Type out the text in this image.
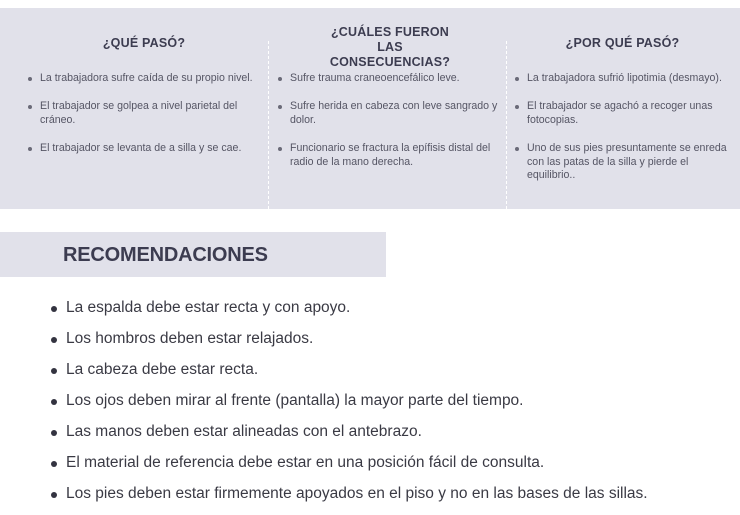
¿QUÉ PASÓ?
La trabajadora sufre caída de su propio nivel.
El trabajador se golpea a nivel parietal del cráneo.
El trabajador se levanta de a silla y se cae.
¿CUÁLES FUERON LAS CONSECUENCIAS?
Sufre trauma craneoencefálico leve.
Sufre herida en cabeza con leve sangrado y dolor.
Funcionario se fractura la epífisis distal del radio de la mano derecha.
¿POR QUÉ PASÓ?
La trabajadora sufrió lipotimia (desmayo).
El trabajador se agachó a recoger unas fotocopias.
Uno de sus pies presuntamente se enreda con las patas de la silla y pierde el equilibrio..
RECOMENDACIONES
La espalda debe estar recta y con apoyo.
Los hombros deben estar relajados.
La cabeza debe estar recta.
Los ojos deben mirar al frente (pantalla) la mayor parte del tiempo.
Las manos deben estar alineadas con el antebrazo.
El material de referencia debe estar en una posición fácil de consulta.
Los pies deben estar firmemente apoyados en el piso y no en las bases de las sillas.
